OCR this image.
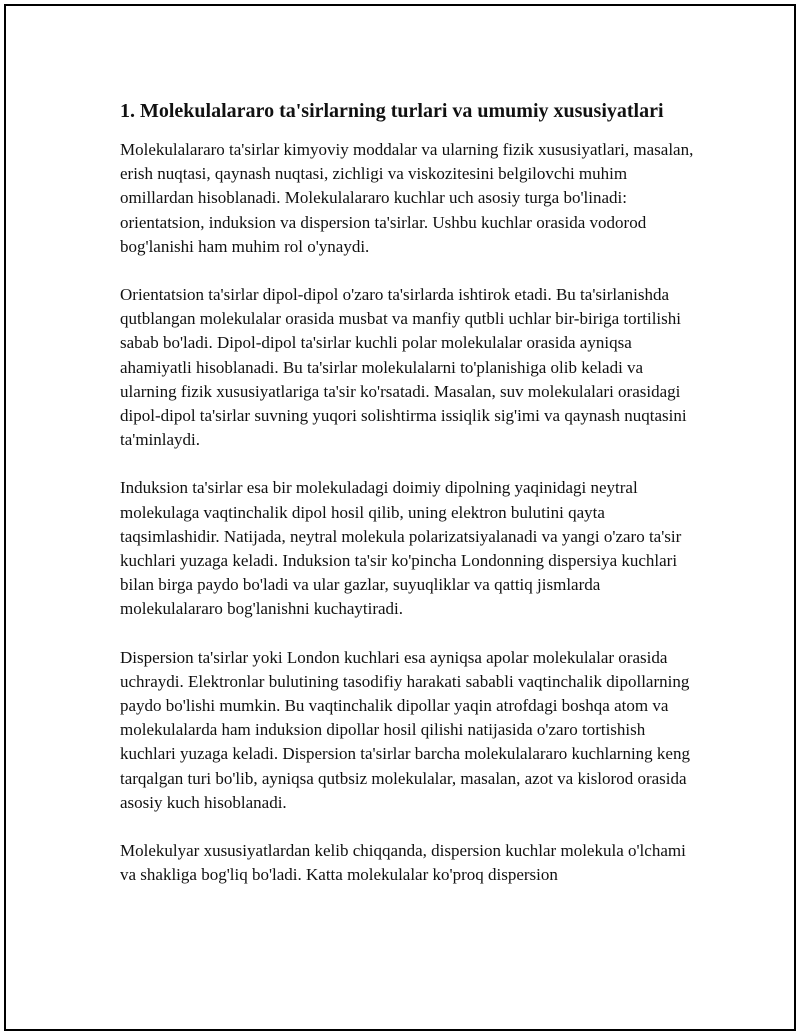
1. Molekulalararo ta'sirlarning turlari va umumiy xususiyatlari

Molekulalararo ta'sirlar kimyoviy moddalar va ularning fizik xususiyatlari, masalan, erish nuqtasi, qaynash nuqtasi, zichligi va viskozitesini belgilovchi muhim omillardan hisoblanadi. Molekulalararo kuchlar uch asosiy turga bo'linadi: orientatsion, induksion va dispersion ta'sirlar. Ushbu kuchlar orasida vodorod bog'lanishi ham muhim rol o'ynaydi.

Orientatsion ta'sirlar dipol-dipol o'zaro ta'sirlarda ishtirok etadi. Bu ta'sirlanishda qutblangan molekulalar orasida musbat va manfiy qutbli uchlar bir-biriga tortilishi sabab bo'ladi. Dipol-dipol ta'sirlar kuchli polar molekulalar orasida ayniqsa ahamiyatli hisoblanadi. Bu ta'sirlar molekulalarni to'planishiga olib keladi va ularning fizik xususiyatlariga ta'sir ko'rsatadi. Masalan, suv molekulalari orasidagi dipol-dipol ta'sirlar suvning yuqori solishtirma issiqlik sig'imi va qaynash nuqtasini ta'minlaydi.

Induksion ta'sirlar esa bir molekuladagi doimiy dipolning yaqinidagi neytral molekulaga vaqtinchalik dipol hosil qilib, uning elektron bulutini qayta taqsimlashidir. Natijada, neytral molekula polarizatsiyalanadi va yangi o'zaro ta'sir kuchlari yuzaga keladi. Induksion ta'sir ko'pincha Londonning dispersiya kuchlari bilan birga paydo bo'ladi va ular gazlar, suyuqliklar va qattiq jismlarda molekulalararo bog'lanishni kuchaytiradi.

Dispersion ta'sirlar yoki London kuchlari esa ayniqsa apolar molekulalar orasida uchraydi. Elektronlar bulutining tasodifiy harakati sababli vaqtinchalik dipollarning paydo bo'lishi mumkin. Bu vaqtinchalik dipollar yaqin atrofdagi boshqa atom va molekulalarda ham induksion dipollar hosil qilishi natijasida o'zaro tortishish kuchlari yuzaga keladi. Dispersion ta'sirlar barcha molekulalararo kuchlarning keng tarqalgan turi bo'lib, ayniqsa qutbsiz molekulalar, masalan, azot va kislorod orasida asosiy kuch hisoblanadi.

Molekulyar xususiyatlardan kelib chiqqanda, dispersion kuchlar molekula o'lchami va shakliga bog'liq bo'ladi. Katta molekulalar ko'proq dispersion
